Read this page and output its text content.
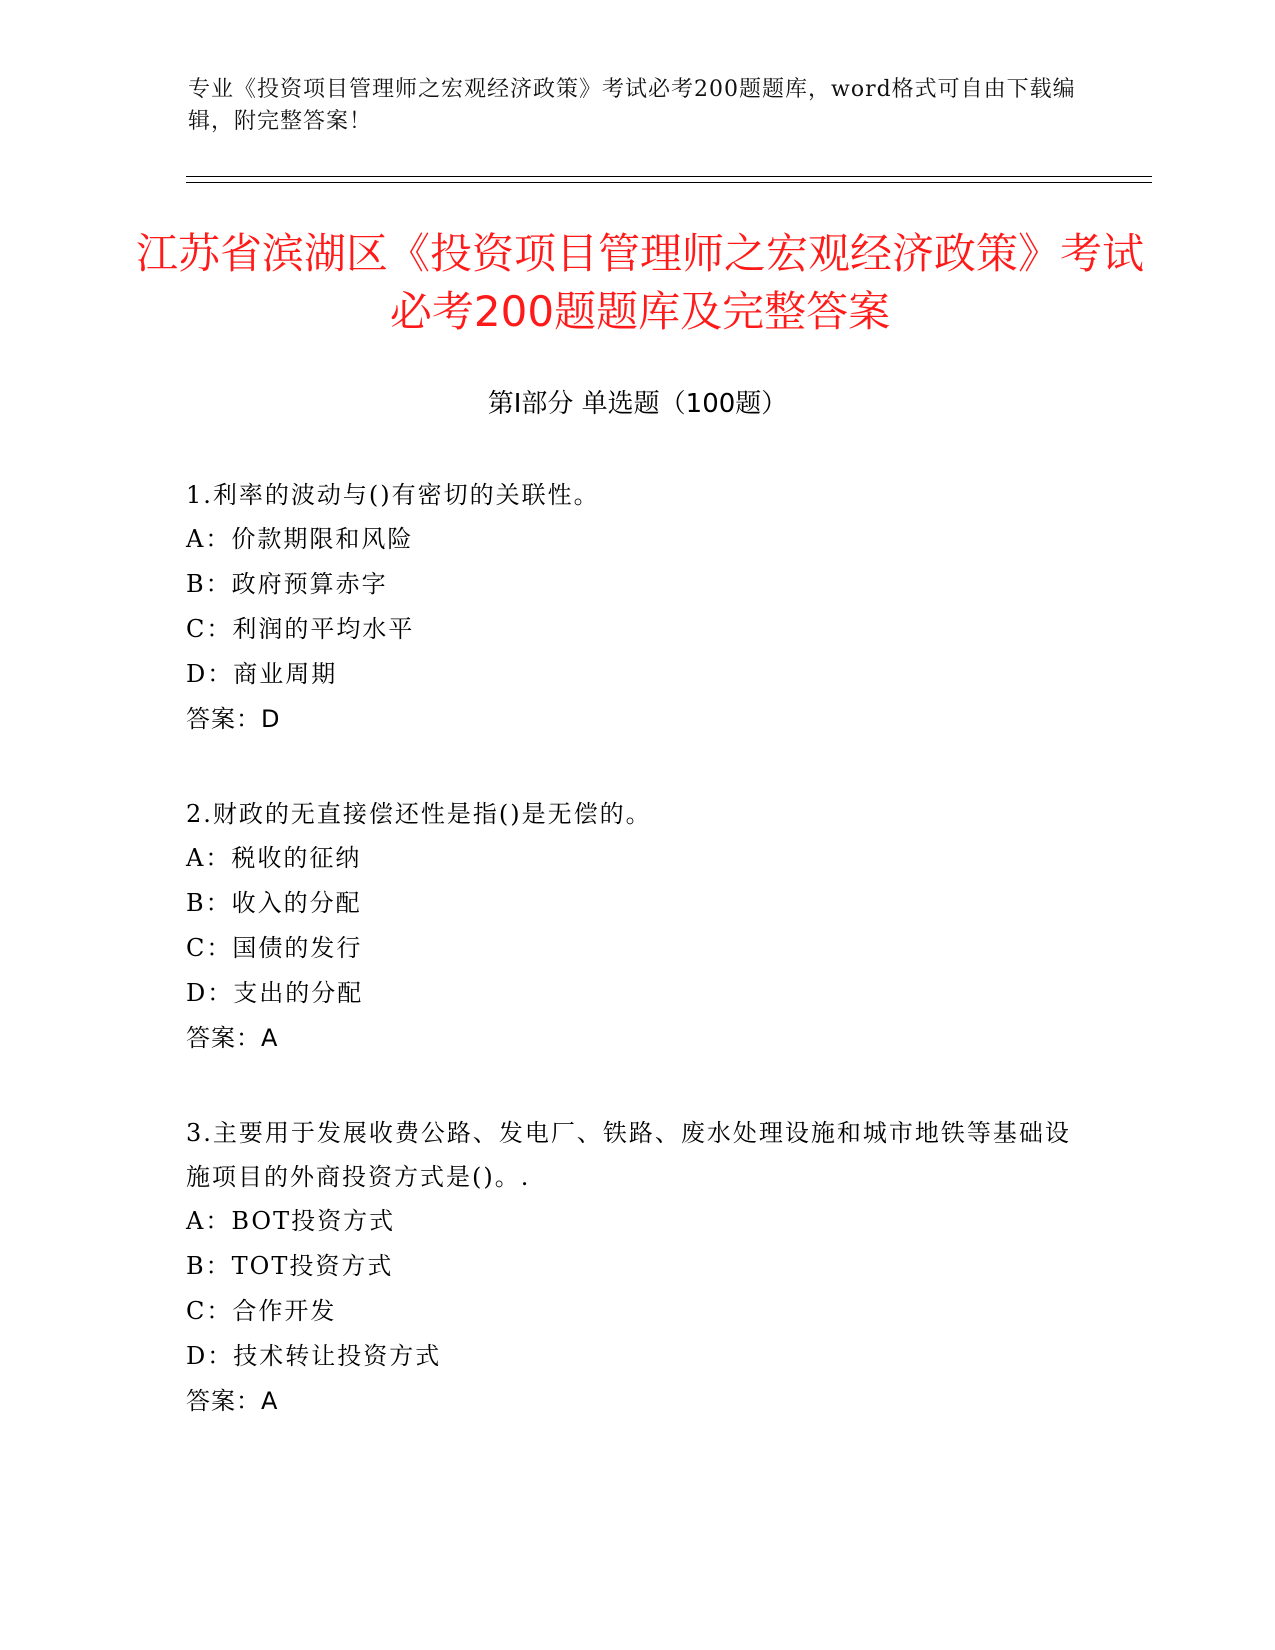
专业《投资项目管理师之宏观经济政策》考试必考200题题库，word格式可自由下载编辑，附完整答案！
江苏省滨湖区《投资项目管理师之宏观经济政策》考试必考200题题库及完整答案
第Ⅰ部分 单选题（100题）
1.利率的波动与()有密切的关联性。
A：价款期限和风险
B：政府预算赤字
C：利润的平均水平
D：商业周期
答案：D
2.财政的无直接偿还性是指()是无偿的。
A：税收的征纳
B：收入的分配
C：国债的发行
D：支出的分配
答案：A
3.主要用于发展收费公路、发电厂、铁路、废水处理设施和城市地铁等基础设施项目的外商投资方式是()。.
A：BOT投资方式
B：TOT投资方式
C：合作开发
D：技术转让投资方式
答案：A
